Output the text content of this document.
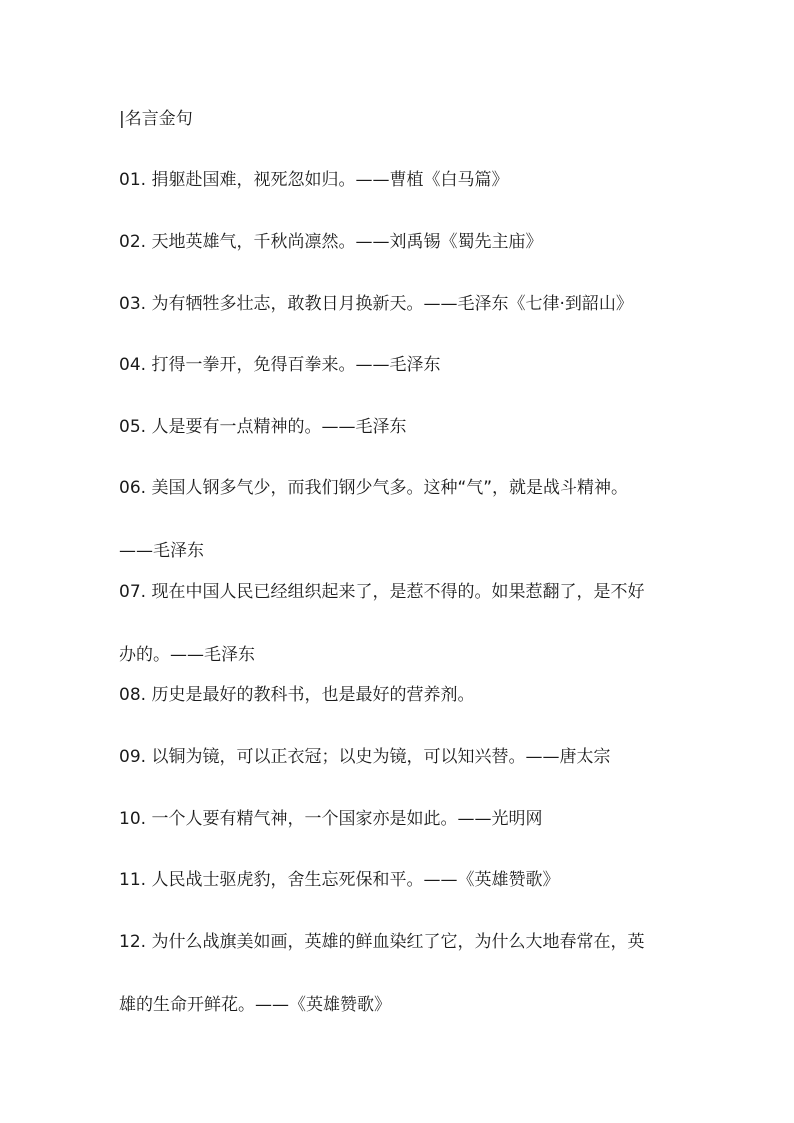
|名言金句
01. 捐躯赴国难，视死忽如归。——曹植《白马篇》
02. 天地英雄气，千秋尚凛然。——刘禹锡《蜀先主庙》
03. 为有牺牲多壮志，敢教日月换新天。——毛泽东《七律·到韶山》
04. 打得一拳开，免得百拳来。——毛泽东
05. 人是要有一点精神的。——毛泽东
06. 美国人钢多气少，而我们钢少气多。这种“气”，就是战斗精神。
——毛泽东
07. 现在中国人民已经组织起来了，是惹不得的。如果惹翻了，是不好
办的。——毛泽东
08. 历史是最好的教科书，也是最好的营养剂。
09. 以铜为镜，可以正衣冠；以史为镜，可以知兴替。——唐太宗
10. 一个人要有精气神，一个国家亦是如此。——光明网
11. 人民战士驱虎豹，舍生忘死保和平。——《英雄赞歌》
12. 为什么战旗美如画，英雄的鲜血染红了它，为什么大地春常在，英
雄的生命开鲜花。——《英雄赞歌》
